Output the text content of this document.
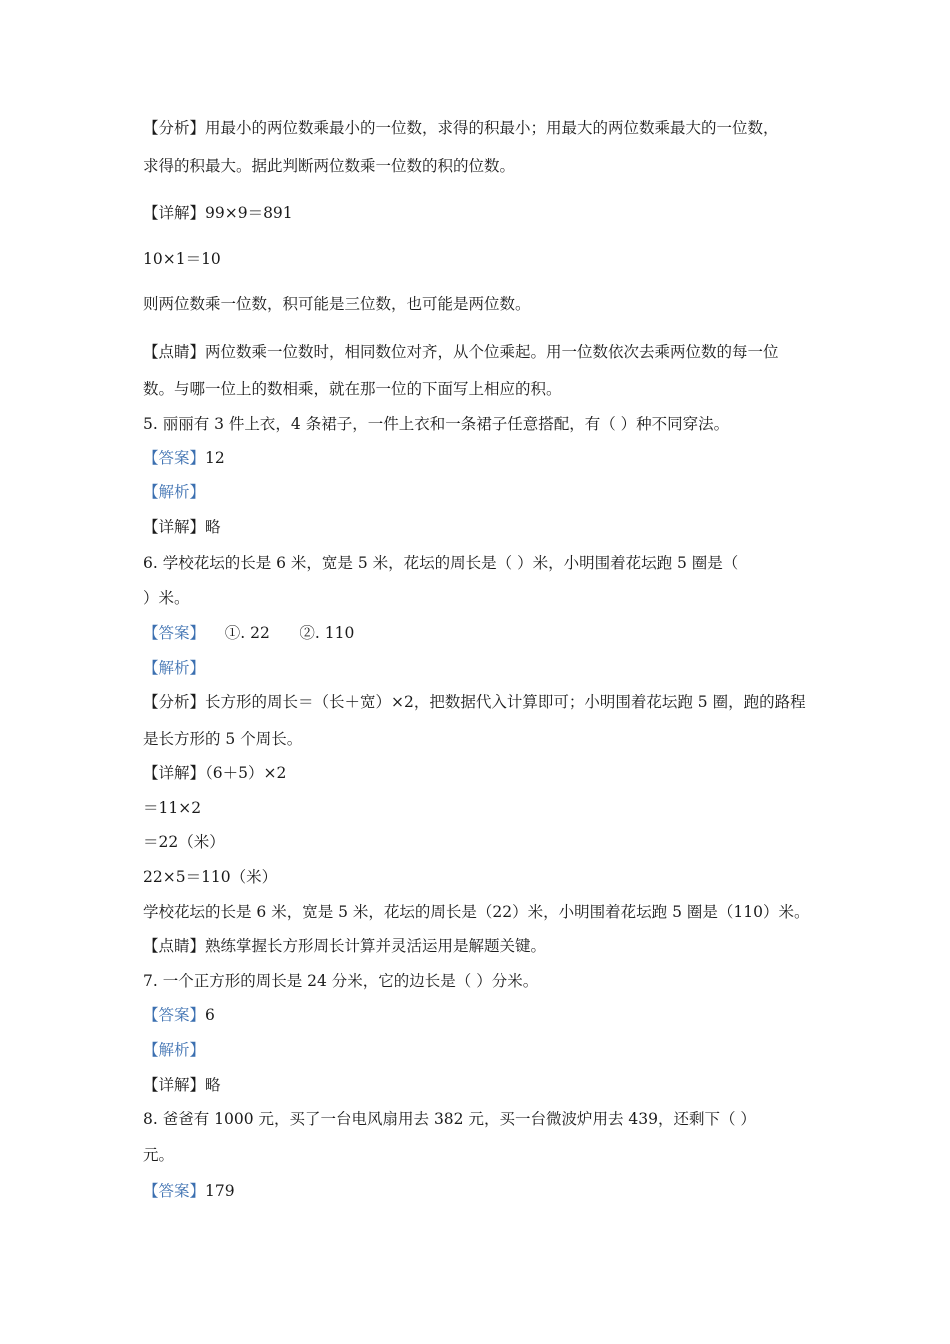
【分析】用最小的两位数乘最小的一位数，求得的积最小；用最大的两位数乘最大的一位数，
求得的积最大。据此判断两位数乘一位数的积的位数。
【详解】99×9＝891
10×1＝10
则两位数乘一位数，积可能是三位数，也可能是两位数。
【点睛】两位数乘一位数时，相同数位对齐，从个位乘起。用一位数依次去乘两位数的每一位
数。与哪一位上的数相乘，就在那一位的下面写上相应的积。
5. 丽丽有 3 件上衣，4 条裙子，一件上衣和一条裙子任意搭配，有（ ）种不同穿法。
【答案】12
【解析】
【详解】略
6. 学校花坛的长是 6 米，宽是 5 米，花坛的周长是（ ）米，小明围着花坛跑 5 圈是（
）米。
【答案】    ①. 22      ②. 110
【解析】
【分析】长方形的周长＝（长＋宽）×2，把数据代入计算即可；小明围着花坛跑 5 圈，跑的路程
是长方形的 5 个周长。
【详解】（6＋5）×2
＝11×2
＝22（米）
22×5＝110（米）
学校花坛的长是 6 米，宽是 5 米，花坛的周长是（22）米，小明围着花坛跑 5 圈是（110）米。
【点睛】熟练掌握长方形周长计算并灵活运用是解题关键。
7. 一个正方形的周长是 24 分米，它的边长是（ ）分米。
【答案】6
【解析】
【详解】略
8. 爸爸有 1000 元，买了一台电风扇用去 382 元，买一台微波炉用去 439，还剩下（ ）
元。
【答案】179
